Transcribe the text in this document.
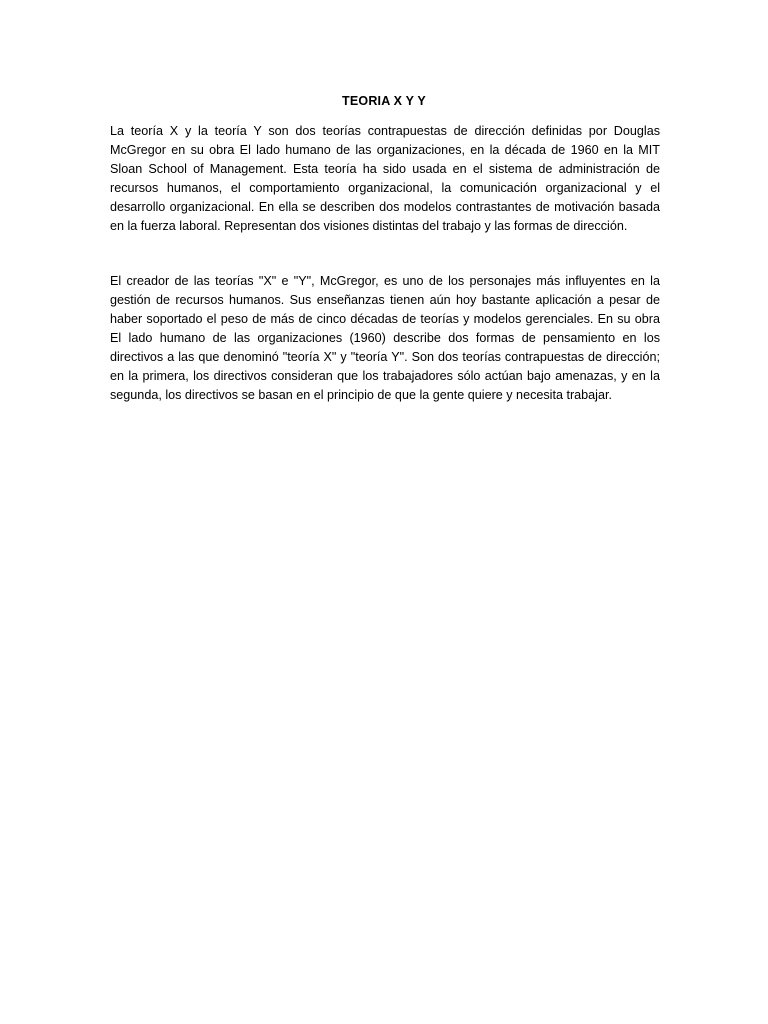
TEORIA X Y Y

La teoría X y la teoría Y son dos teorías contrapuestas de dirección definidas por Douglas McGregor en su obra El lado humano de las organizaciones, en la década de 1960 en la MIT Sloan School of Management. Esta teoría ha sido usada en el sistema de administración de recursos humanos, el comportamiento organizacional, la comunicación organizacional y el desarrollo organizacional. En ella se describen dos modelos contrastantes de motivación basada en la fuerza laboral. Representan dos visiones distintas del trabajo y las formas de dirección.

El creador de las teorías "X" e "Y", McGregor, es uno de los personajes más influyentes en la gestión de recursos humanos. Sus enseñanzas tienen aún hoy bastante aplicación a pesar de haber soportado el peso de más de cinco décadas de teorías y modelos gerenciales. En su obra El lado humano de las organizaciones (1960) describe dos formas de pensamiento en los directivos a las que denominó "teoría X" y "teoría Y". Son dos teorías contrapuestas de dirección; en la primera, los directivos consideran que los trabajadores sólo actúan bajo amenazas, y en la segunda, los directivos se basan en el principio de que la gente quiere y necesita trabajar.
